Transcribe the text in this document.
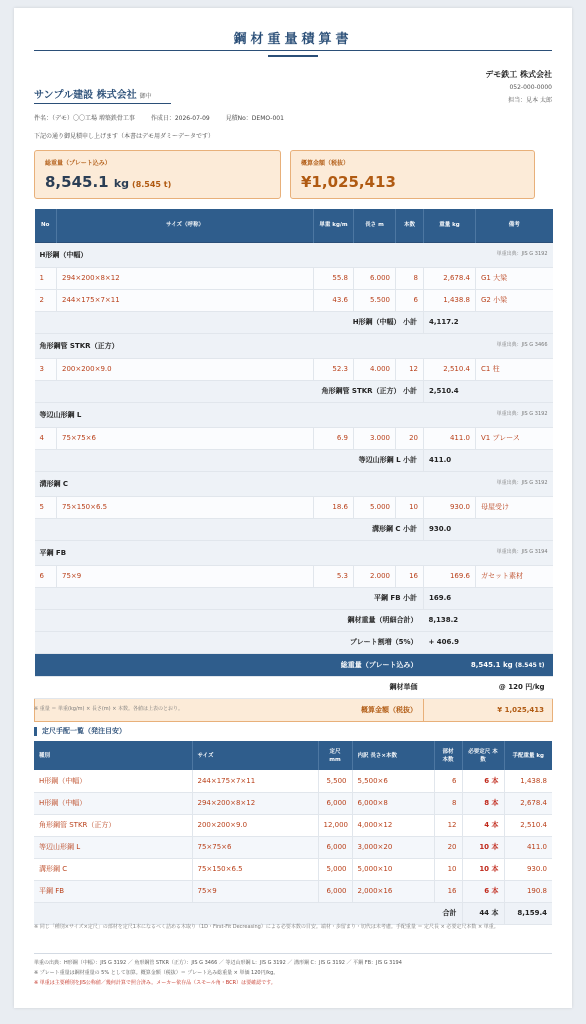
鋼材重量積算書
デモ鉄工 株式会社
052-000-0000
担当：見本 太郎
サンプル建設 株式会社 御中
件名：（デモ）〇〇工場 増築鉄骨工事	作成日：2026-07-09	見積No：DEMO-001
下記の通り御見積申し上げます（本書はデモ用ダミーデータです）
総重量（プレート込み）
8,545.1 kg (8.545 t)
概算金額（税抜）
¥1,025,413
No	サイズ（呼称）	単重 kg/m	長さ m	本数	重量 kg	備考
H形鋼（中幅） 単重出典：JIS G 3192						

1	294×200×8×12	55.8	6.000	8	2,678.4	G1 大梁
2	244×175×7×11	43.6	5.500	6	1,438.8	G2 小梁
H形鋼（中幅） 小計					4,117.2	
角形鋼管 STKR（正方） 単重出典：JIS G 3466						

3	200×200×9.0	52.3	4.000	12	2,510.4	C1 柱
角形鋼管 STKR（正方） 小計					2,510.4	
等辺山形鋼 L 単重出典：JIS G 3192						

4	75×75×6	6.9	3.000	20	411.0	V1 ブレース
等辺山形鋼 L 小計					411.0	
溝形鋼 C 単重出典：JIS G 3192						

5	75×150×6.5	18.6	5.000	10	930.0	母屋受け
溝形鋼 C 小計					930.0	
平鋼 FB 単重出典：JIS G 3194						

6	75×9	5.3	2.000	16	169.6	ガセット素材
平鋼 FB 小計					169.6	
鋼材重量（明細合計）					8,138.2	
プレート割増（5%）					+ 406.9	
総重量（プレート込み）					8,545.1 kg (8.545 t)	
鋼材単価					@ 120 円/kg	
概算金額（税抜）					¥ 1,025,413	
※ 重量 ＝ 単重(kg/m) × 長さ(m) × 本数。各値は上表のとおり。
定尺手配一覧（発注目安）
種別	サイズ	定尺 mm	内訳 長さ×本数	部材 本数	必要定尺 本数	手配重量 kg
H形鋼（中幅）	244×175×7×11	5,500	5,500×6	6	6 本	1,438.8
H形鋼（中幅）	294×200×8×12	6,000	6,000×8	8	8 本	2,678.4
角形鋼管 STKR（正方）	200×200×9.0	12,000	4,000×12	12	4 本	2,510.4
等辺山形鋼 L	75×75×6	6,000	3,000×20	20	10 本	411.0
溝形鋼 C	75×150×6.5	5,000	5,000×10	10	10 本	930.0
平鋼 FB	75×9	6,000	2,000×16	16	6 本	190.8
合計					44 本	8,159.4
※ 同じ「種別×サイズ×定尺」の部材を定尺1本になるべく詰める木取り（1D・First-Fit Decreasing）による必要本数の目安。端材・歩留まり・切代は未考慮。手配重量 ＝ 定尺長 × 必要定尺本数 × 単重。
単重の出典：H形鋼（中幅）：JIS G 3192 ／ 角形鋼管 STKR（正方）：JIS G 3466 ／ 等辺山形鋼 L：JIS G 3192 ／ 溝形鋼 C：JIS G 3192 ／ 平鋼 FB：JIS G 3194
※ プレート重量は鋼材重量の 5% として加算。概算金額（税抜）＝ プレート込み総重量 × 単価 120円/kg。
※ 単重は主要種別をJIS公称値／幾何計算で照合済み。メーカー依存品（スモール角・BCR）は要確認です。
